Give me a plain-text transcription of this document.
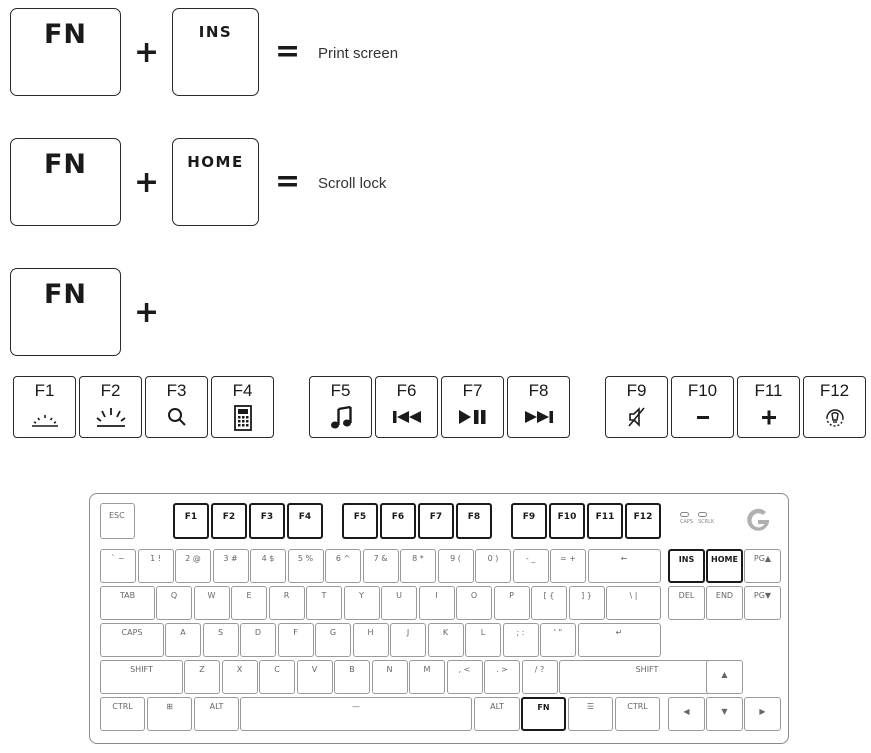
FN
+
INS
= Print screen
FN
+
HOME
= Scroll lock
FN
+
F1	F2	F3	F4	F5	F6	F7	F8	F9	F10	F11	F12
ESC	F1	F2	F3	F4	F5	F6	F7	F8	F9	F10	F11	F12	CAPS SCRLK
` ~	1 !	2 @	3 #	4 $	5 %	6 ^	7 &	8 *	9 (	0 )	- _	= +	←	INS	HOME	PG▲
TAB	Q	W	E	R	T	Y	U	I	O	P	[ {	] }	\ |	DEL	END	PG▼
CAPS	A	S	D	F	G	H	J	K	L	; :	' "	↵
SHIFT	Z	X	C	V	B	N	M	, <	. >	/ ?	SHIFT
CTRL	⊞	ALT	—	ALT	FN	☰	CTRL
▲
◀	▼	▶
